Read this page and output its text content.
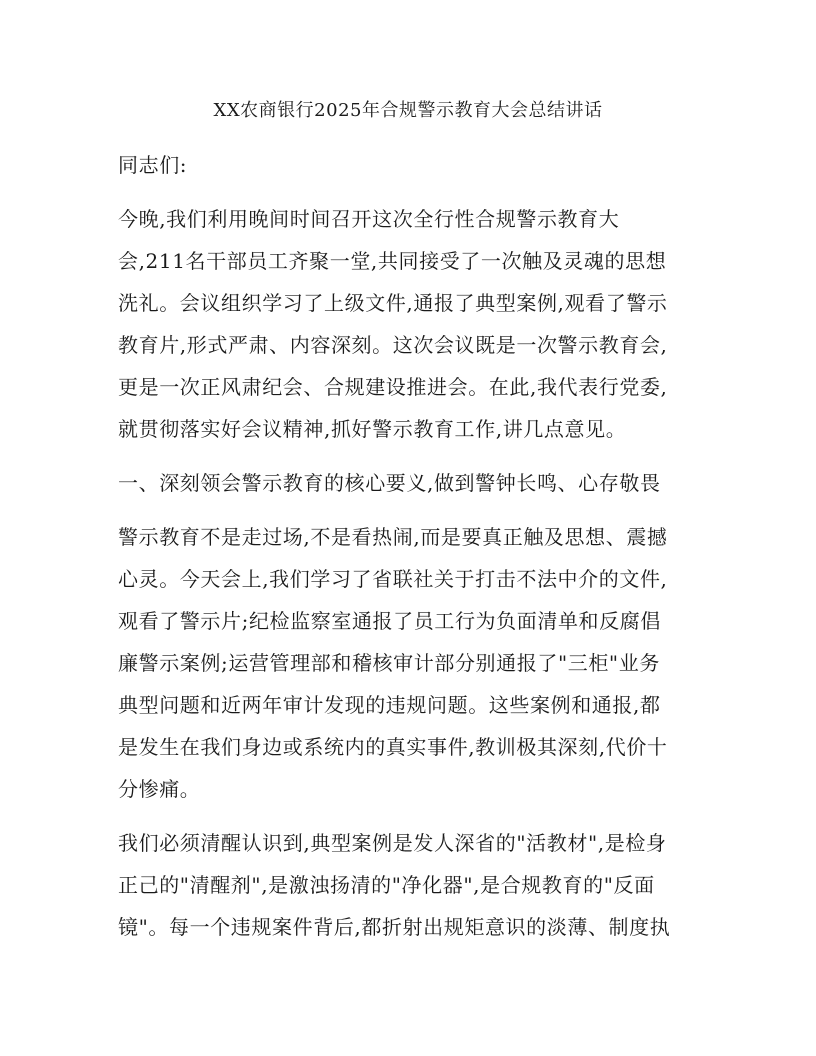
XX农商银行2025年合规警示教育大会总结讲话
同志们:
今晚,我们利用晚间时间召开这次全行性合规警示教育大
会,211名干部员工齐聚一堂,共同接受了一次触及灵魂的思想
洗礼。会议组织学习了上级文件,通报了典型案例,观看了警示
教育片,形式严肃、内容深刻。这次会议既是一次警示教育会,
更是一次正风肃纪会、合规建设推进会。在此,我代表行党委,
就贯彻落实好会议精神,抓好警示教育工作,讲几点意见。
一、深刻领会警示教育的核心要义,做到警钟长鸣、心存敬畏
警示教育不是走过场,不是看热闹,而是要真正触及思想、震撼
心灵。今天会上,我们学习了省联社关于打击不法中介的文件,
观看了警示片;纪检监察室通报了员工行为负面清单和反腐倡
廉警示案例;运营管理部和稽核审计部分别通报了"三柜"业务
典型问题和近两年审计发现的违规问题。这些案例和通报,都
是发生在我们身边或系统内的真实事件,教训极其深刻,代价十
分惨痛。
我们必须清醒认识到,典型案例是发人深省的"活教材",是检身
正己的"清醒剂",是激浊扬清的"净化器",是合规教育的"反面
镜"。每一个违规案件背后,都折射出规矩意识的淡薄、制度执
